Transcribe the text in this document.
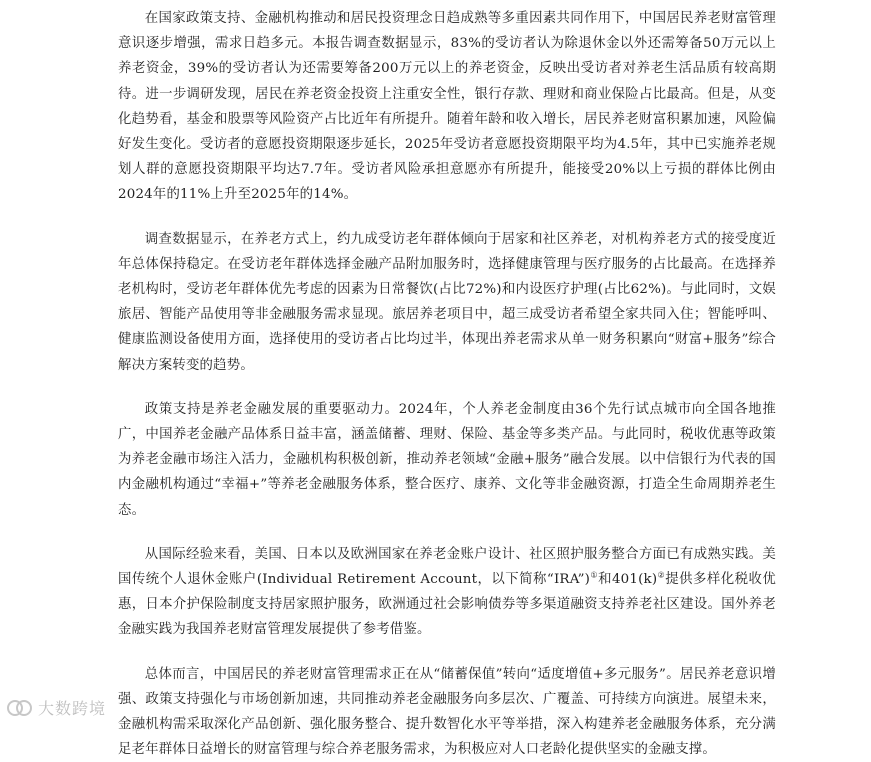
在国家政策支持、金融机构推动和居民投资理念日趋成熟等多重因素共同作用下，中国居民养老财富管理意识逐步增强，需求日趋多元。本报告调查数据显示，83%的受访者认为除退休金以外还需筹备50万元以上养老资金，39%的受访者认为还需要筹备200万元以上的养老资金，反映出受访者对养老生活品质有较高期待。进一步调研发现，居民在养老资金投资上注重安全性，银行存款、理财和商业保险占比最高。但是，从变化趋势看，基金和股票等风险资产占比近年有所提升。随着年龄和收入增长，居民养老财富积累加速，风险偏好发生变化。受访者的意愿投资期限逐步延长，2025年受访者意愿投资期限平均为4.5年，其中已实施养老规划人群的意愿投资期限平均达7.7年。受访者风险承担意愿亦有所提升，能接受20%以上亏损的群体比例由2024年的11%上升至2025年的14%。

调查数据显示，在养老方式上，约九成受访老年群体倾向于居家和社区养老，对机构养老方式的接受度近年总体保持稳定。在受访老年群体选择金融产品附加服务时，选择健康管理与医疗服务的占比最高。在选择养老机构时，受访老年群体优先考虑的因素为日常餐饮(占比72%)和内设医疗护理(占比62%)。与此同时，文娱旅居、智能产品使用等非金融服务需求显现。旅居养老项目中，超三成受访者希望全家共同入住；智能呼叫、健康监测设备使用方面，选择使用的受访者占比均过半，体现出养老需求从单一财务积累向“财富+服务”综合解决方案转变的趋势。

政策支持是养老金融发展的重要驱动力。2024年，个人养老金制度由36个先行试点城市向全国各地推广，中国养老金融产品体系日益丰富，涵盖储蓄、理财、保险、基金等多类产品。与此同时，税收优惠等政策为养老金融市场注入活力，金融机构积极创新，推动养老领域“金融+服务”融合发展。以中信银行为代表的国内金融机构通过“幸福+”等养老金融服务体系，整合医疗、康养、文化等非金融资源，打造全生命周期养老生态。

从国际经验来看，美国、日本以及欧洲国家在养老金账户设计、社区照护服务整合方面已有成熟实践。美国传统个人退休金账户(Individual Retirement Account，以下简称“IRA”)①和401(k)②提供多样化税收优惠，日本介护保险制度支持居家照护服务，欧洲通过社会影响债券等多渠道融资支持养老社区建设。国外养老金融实践为我国养老财富管理发展提供了参考借鉴。

总体而言，中国居民的养老财富管理需求正在从“储蓄保值”转向“适度增值+多元服务”。居民养老意识增强、政策支持强化与市场创新加速，共同推动养老金融服务向多层次、广覆盖、可持续方向演进。展望未来，金融机构需采取深化产品创新、强化服务整合、提升数智化水平等举措，深入构建养老金融服务体系，充分满足老年群体日益增长的财富管理与综合养老服务需求，为积极应对人口老龄化提供坚实的金融支撑。

大数跨境
